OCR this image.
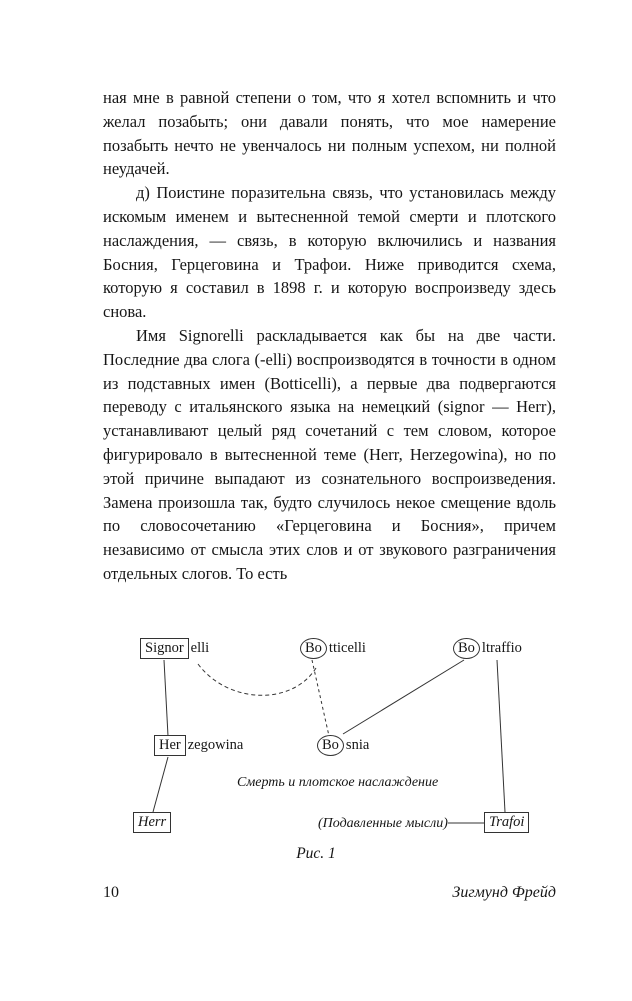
ная мне в равной степени о том, что я хотел вспомнить и что желал позабыть; они давали понять, что мое намерение позабыть нечто не увенчалось ни полным успехом, ни полной неудачей.

д) Поистине поразительна связь, что установилась между искомым именем и вытесненной темой смерти и плотского наслаждения, — связь, в которую включились и названия Босния, Герцеговина и Трафои. Ниже приводится схема, которую я составил в 1898 г. и которую воспроизведу здесь снова.

Имя Signorelli раскладывается как бы на две части. Последние два слога (-elli) воспроизводятся в точности в одном из подставных имен (Botticelli), а первые два подвергаются переводу с итальянского языка на немецкий (signor — Herr), устанавливают целый ряд сочетаний с тем словом, которое фигурировало в вытесненной теме (Herr, Herzegowina), но по этой причине выпадают из сознательного воспроизведения. Замена произошла так, будто случилось некое смещение вдоль по словосочетанию «Герцеговина и Босния», причем независимо от смысла этих слов и от звукового разграничения отдельных слогов. То есть

Signor elli	Bo tticelli	Bo ltraffio
Her zegowina	Bo snia
Смерть и плотское наслаждение
Herr	(Подавленные мысли)	Trafoi
Рис. 1
10	Зигмунд Фрейд
